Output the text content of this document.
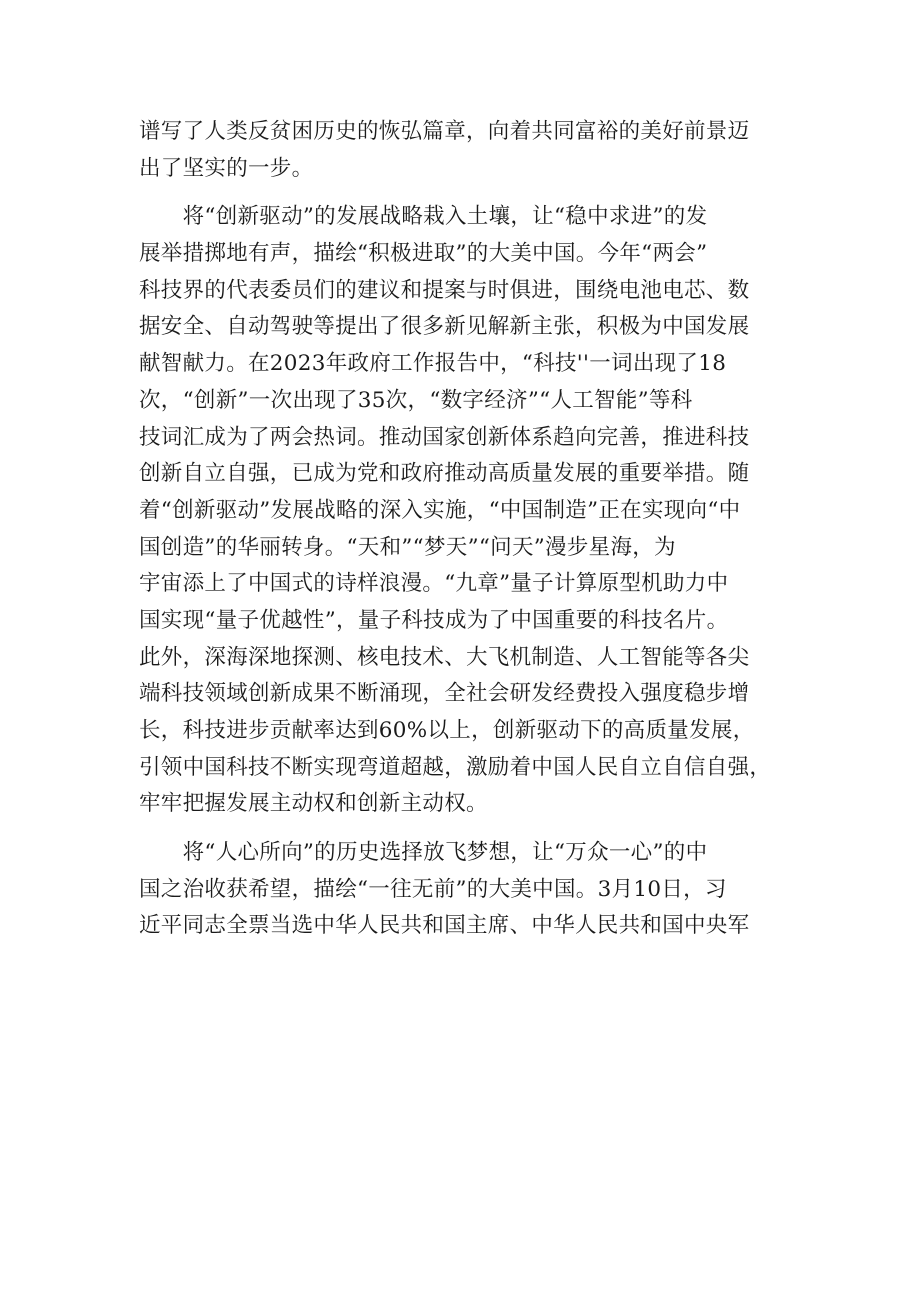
谱写了人类反贫困历史的恢弘篇章，向着共同富裕的美好前景迈
出了坚实的一步。
　　将“创新驱动”的发展战略栽入土壤，让“稳中求进”的发
展举措掷地有声，描绘“积极进取”的大美中国。今年“两会”
科技界的代表委员们的建议和提案与时俱进，围绕电池电芯、数
据安全、自动驾驶等提出了很多新见解新主张，积极为中国发展
献智献力。在2023年政府工作报告中，“科技''一词出现了18
次，“创新”一次出现了35次，“数字经济”“人工智能”等科
技词汇成为了两会热词。推动国家创新体系趋向完善，推进科技
创新自立自强，已成为党和政府推动高质量发展的重要举措。随
着“创新驱动”发展战略的深入实施，“中国制造”正在实现向“中
国创造”的华丽转身。“天和”“梦天”“问天”漫步星海，为
宇宙添上了中国式的诗样浪漫。“九章”量子计算原型机助力中
国实现“量子优越性”，量子科技成为了中国重要的科技名片。
此外，深海深地探测、核电技术、大飞机制造、人工智能等各尖
端科技领域创新成果不断涌现，全社会研发经费投入强度稳步增
长，科技进步贡献率达到60%以上，创新驱动下的高质量发展，
引领中国科技不断实现弯道超越，激励着中国人民自立自信自强，
牢牢把握发展主动权和创新主动权。
　　将“人心所向”的历史选择放飞梦想，让“万众一心”的中
国之治收获希望，描绘“一往无前”的大美中国。3月10日，习
近平同志全票当选中华人民共和国主席、中华人民共和国中央军
